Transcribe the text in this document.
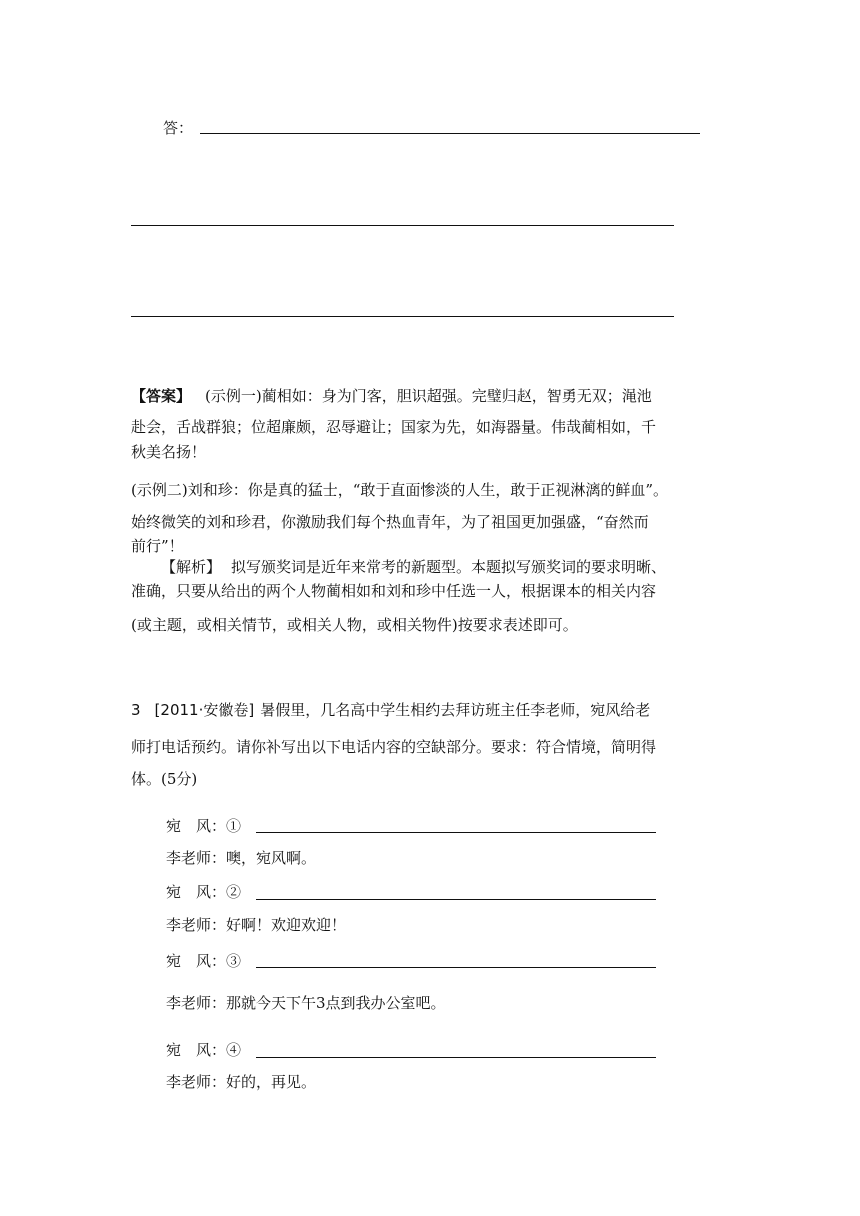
答：
【答案】 (示例一)蔺相如：身为门客，胆识超强。完璧归赵，智勇无双；渑池
赴会，舌战群狼；位超廉颇，忍辱避让；国家为先，如海器量。伟哉蔺相如，千
秋美名扬！
(示例二)刘和珍：你是真的猛士，“敢于直面惨淡的人生，敢于正视淋漓的鲜血”。
始终微笑的刘和珍君，你激励我们每个热血青年，为了祖国更加强盛，“奋然而
前行”！
【解析】 拟写颁奖词是近年来常考的新题型。本题拟写颁奖词的要求明晰、
准确，只要从给出的两个人物蔺相如和刘和珍中任选一人，根据课本的相关内容
(或主题，或相关情节，或相关人物，或相关物件)按要求表述即可。
3 [2011·安徽卷] 暑假里，几名高中学生相约去拜访班主任李老师，宛风给老
师打电话预约。请你补写出以下电话内容的空缺部分。要求：符合情境，简明得
体。(5分)
宛　风：①
李老师：噢，宛风啊。
宛　风：②
李老师：好啊！欢迎欢迎！
宛　风：③
李老师：那就今天下午3点到我办公室吧。
宛　风：④
李老师：好的，再见。
